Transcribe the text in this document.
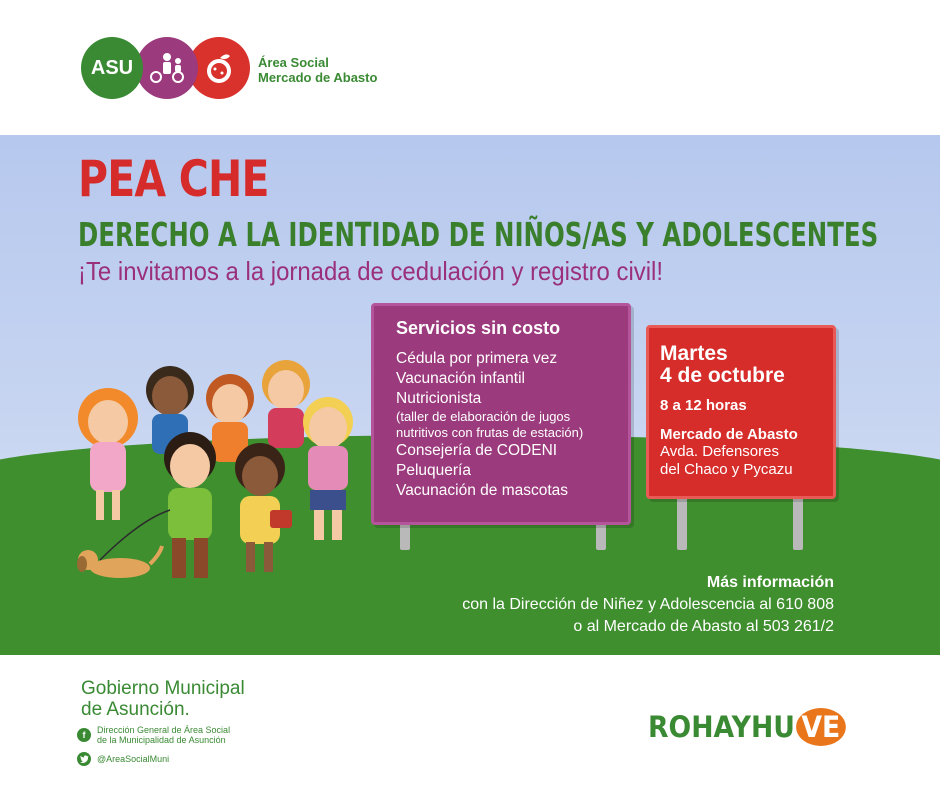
ASU	Área Social
Mercado de Abasto
PEA CHE
DERECHO A LA IDENTIDAD DE NIÑOS/AS Y ADOLESCENTES
¡Te invitamos a la jornada de cedulación y registro civil!
Servicios sin costo
Cédula por primera vez
Vacunación infantil
Nutricionista
(taller de elaboración de jugos
nutritivos con frutas de estación)
Consejería de CODENI
Peluquería
Vacunación de mascotas
Martes
4 de octubre
8 a 12 horas
Mercado de Abasto
Avda. Defensores
del Chaco y Pycazu
Más información
con la Dirección de Niñez y Adolescencia al 610 808
o al Mercado de Abasto al 503 261/2
Gobierno Municipal
de Asunción.
f	Dirección General de Área Social
de la Municipalidad de Asunción
@AreaSocialMuni
ROHAYHU VE
